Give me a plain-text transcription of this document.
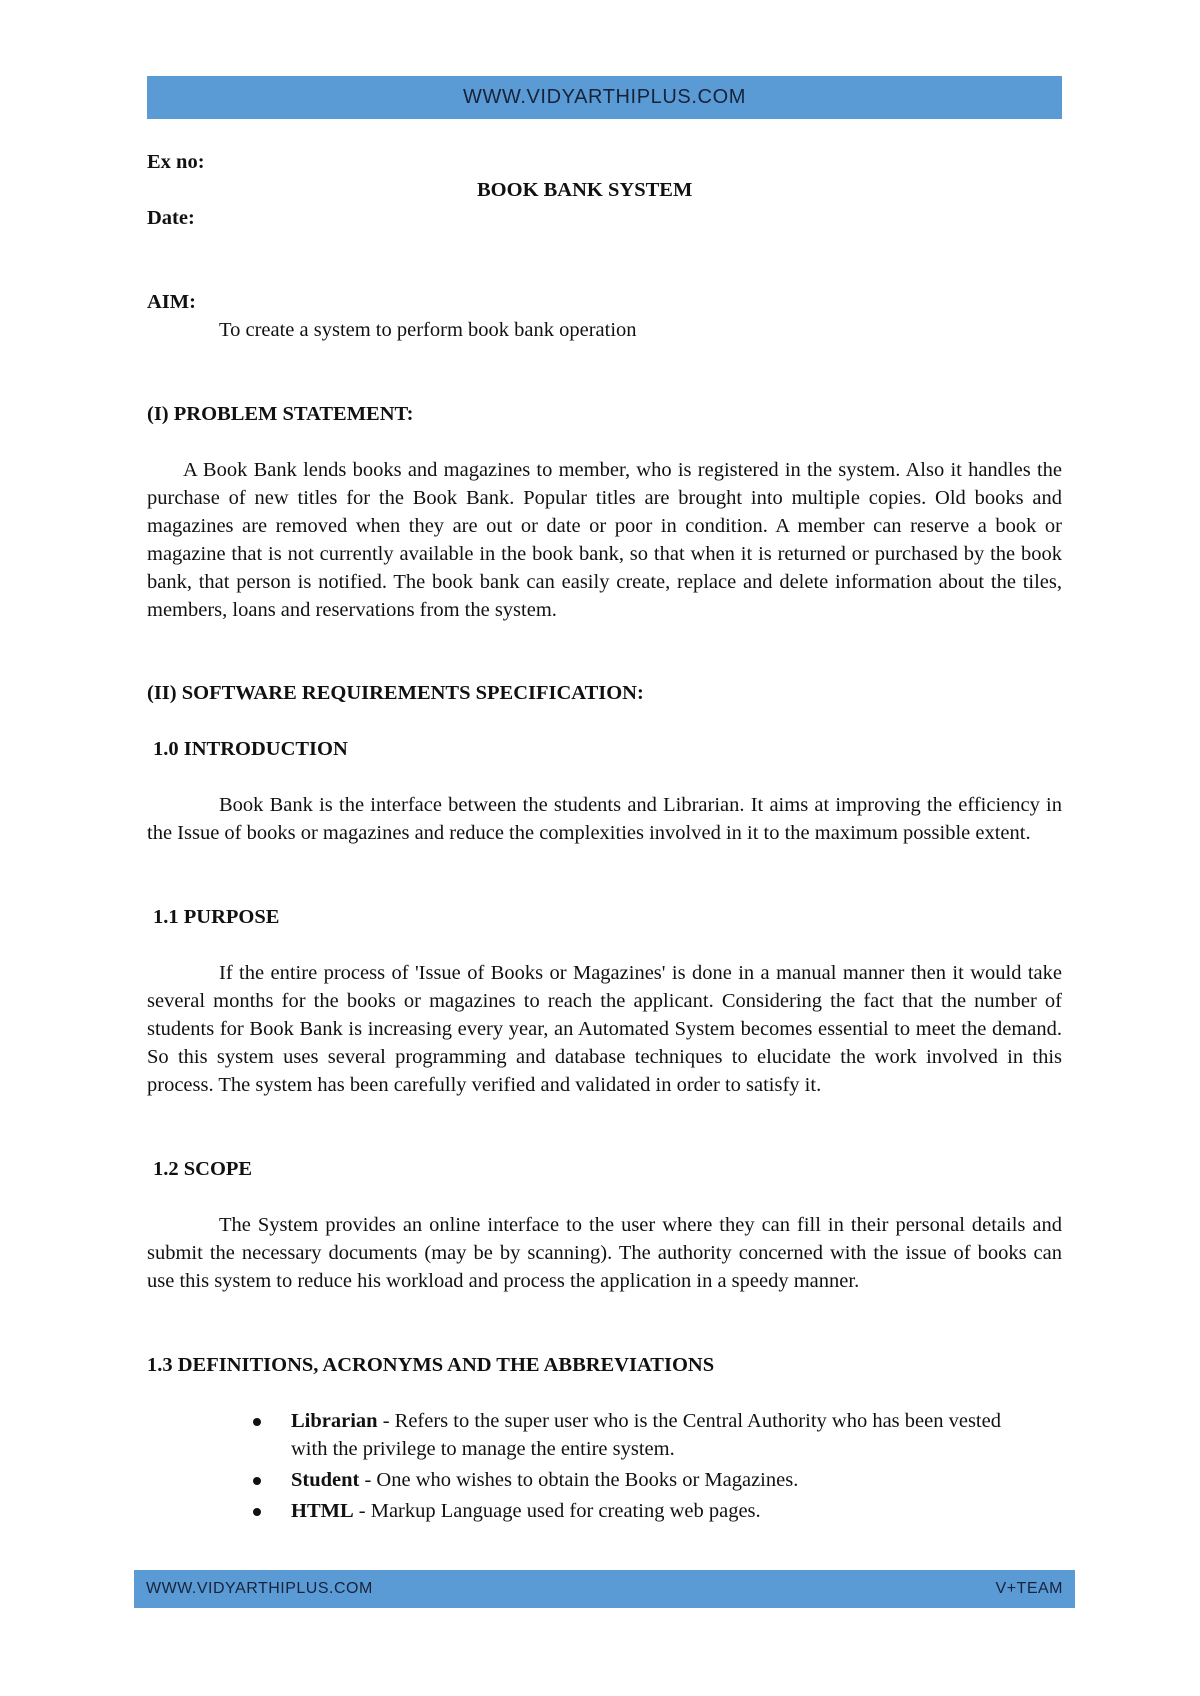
WWW.VIDYARTHIPLUS.COM
Ex no:
BOOK BANK SYSTEM
Date:
AIM:
To create a system to perform book bank operation
(I) PROBLEM STATEMENT:

A Book Bank lends books and magazines to member, who is registered in the system. Also it handles the purchase of new titles for the Book Bank. Popular titles are brought into multiple copies. Old books and magazines are removed when they are out or date or poor in condition. A member can reserve a book or magazine that is not currently available in the book bank, so that when it is returned or purchased by the book bank, that person is notified. The book bank can easily create, replace and delete information about the tiles, members, loans and reservations from the system.

(II) SOFTWARE REQUIREMENTS SPECIFICATION:
1.0 INTRODUCTION

Book Bank is the interface between the students and Librarian. It aims at improving the efficiency in the Issue of books or magazines and reduce the complexities involved in it to the maximum possible extent.

1.1 PURPOSE

If the entire process of 'Issue of Books or Magazines' is done in a manual manner then it would take several months for the books or magazines to reach the applicant. Considering the fact that the number of students for Book Bank is increasing every year, an Automated System becomes essential to meet the demand. So this system uses several programming and database techniques to elucidate the work involved in this process. The system has been carefully verified and validated in order to satisfy it.

1.2 SCOPE

The System provides an online interface to the user where they can fill in their personal details and submit the necessary documents (may be by scanning). The authority concerned with the issue of books can use this system to reduce his workload and process the application in a speedy manner.

1.3 DEFINITIONS, ACRONYMS AND THE ABBREVIATIONS
Librarian - Refers to the super user who is the Central Authority who has been vested with the privilege to manage the entire system.
Student - One who wishes to obtain the Books or Magazines.
HTML - Markup Language used for creating web pages.
WWW.VIDYARTHIPLUS.COM	V+TEAM
